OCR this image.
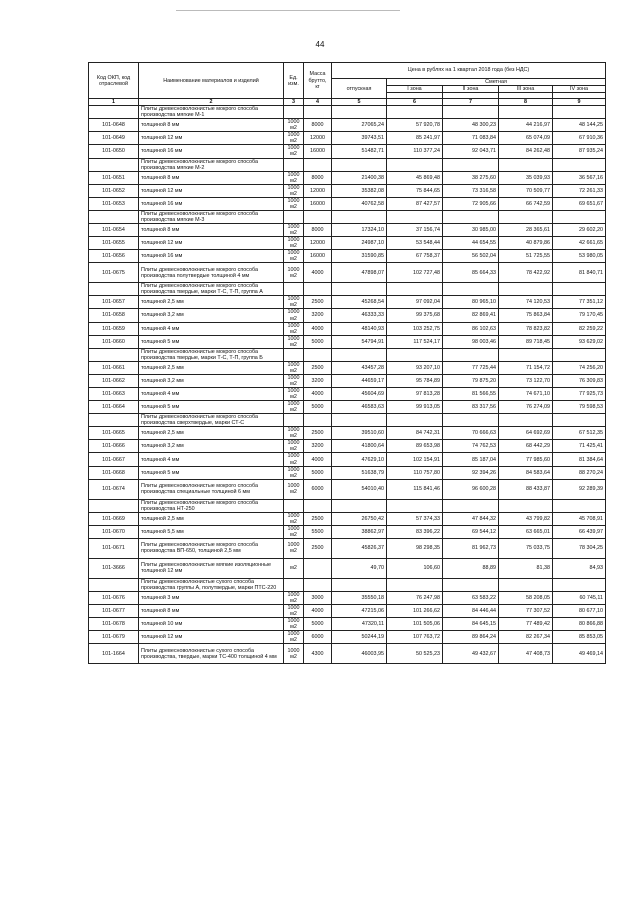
44
Код ОКП, код отраслевой	Наименование материалов и изделий	Ед. изм.	Масса брутто, кг	Цена в рублях на 1 квартал 2018 года (без НДС)				
				отпускная	Сметная			
					I зона	II зона	III зона	IV зона

1	2	3	4	5	6	7	8	9
	Плиты древесноволокнистые мокрого способа производства мягкие М-1							
101-0648	толщиной 8 мм	1000 м2	8000	27065,24	57 920,78	48 300,23	44 216,97	48 144,25
101-0649	толщиной 12 мм	1000 м2	12000	39743,51	85 241,97	71 083,84	65 074,09	67 910,36
101-0650	толщиной 16 мм	1000 м2	16000	51482,71	110 377,24	92 043,71	84 262,48	87 935,24
	Плиты древесноволокнистые мокрого способа производства мягкие М-2							
101-0651	толщиной 8 мм	1000 м2	8000	21400,38	45 869,48	38 275,60	35 039,93	36 567,16
101-0652	толщиной 12 мм	1000 м2	12000	35382,08	75 844,65	73 316,58	70 509,77	72 261,33
101-0653	толщиной 16 мм	1000 м2	16000	40762,58	87 427,57	72 905,66	66 742,59	69 651,67
	Плиты древесноволокнистые мокрого способа производства мягкие М-3							
101-0654	толщиной 8 мм	1000 м2	8000	17324,10	37 156,74	30 985,00	28 365,61	29 602,20
101-0655	толщиной 12 мм	1000 м2	12000	24987,10	53 548,44	44 654,55	40 879,86	42 661,65
101-0656	толщиной 16 мм	1000 м2	16000	31590,85	67 758,37	56 502,04	51 725,55	53 980,05
101-0675	Плиты древесноволокнистые мокрого способа производства полутвердые толщиной 4 мм	1000 м2	4000	47898,07	102 727,48	85 664,33	78 422,92	81 840,71
	Плиты древесноволокнистые мокрого способа производства твердые, марки Т-С, Т-П, группа А							
101-0657	толщиной 2,5 мм	1000 м2	2500	45268,54	97 092,04	80 965,10	74 120,53	77 351,12
101-0658	толщиной 3,2 мм	1000 м2	3200	46333,33	99 375,68	82 869,41	75 863,84	79 170,45
101-0659	толщиной 4 мм	1000 м2	4000	48140,93	103 252,75	86 102,63	78 823,82	82 259,22
101-0660	толщиной 5 мм	1000 м2	5000	54794,91	117 524,17	98 003,46	89 718,45	93 629,02
	Плиты древесноволокнистые мокрого способа производства твердые, марки Т-С, Т-П, группа Б							
101-0661	толщиной 2,5 мм	1000 м2	2500	43457,28	93 207,10	77 725,44	71 154,72	74 256,20
101-0662	толщиной 3,2 мм	1000 м2	3200	44659,17	95 784,89	79 875,20	73 122,70	76 309,83
101-0663	толщиной 4 мм	1000 м2	4000	45604,69	97 813,28	81 566,55	74 671,10	77 925,73
101-0664	толщиной 5 мм	1000 м2	5000	46583,63	99 913,05	83 317,56	76 274,09	79 598,53
	Плиты древесноволокнистые мокрого способа производства сверхтвердые, марки СТ-С							
101-0665	толщиной 2,5 мм	1000 м2	2500	39510,60	84 742,31	70 666,63	64 692,69	67 512,35
101-0666	толщиной 3,2 мм	1000 м2	3200	41800,64	89 653,98	74 762,53	68 442,29	71 425,41
101-0667	толщиной 4 мм	1000 м2	4000	47629,10	102 154,91	85 187,04	77 985,60	81 384,64
101-0668	толщиной 5 мм	1000 м2	5000	51638,79	110 757,80	92 394,26	84 583,64	88 270,24
101-0674	Плиты древесноволокнистые мокрого способа производства специальные толщиной 6 мм	1000 м2	6000	54010,40	115 841,46	96 600,28	88 433,87	92 289,39
	Плиты древесноволокнистые мокрого способа производства НТ-250							
101-0669	толщиной 2,5 мм	1000 м2	2500	26750,42	57 374,33	47 844,32	43 799,82	45 708,91
101-0670	толщиной 5,5 мм	1000 м2	5500	38862,97	83 396,22	69 544,12	63 665,01	66 439,97
101-0671	Плиты древесноволокнистые мокрого способа производства ВП-650, толщиной 2,5 мм	1000 м2	2500	45826,37	98 298,35	81 962,73	75 033,75	78 304,25
101-3666	Плиты древесноволокнистые мягкие изоляционные толщиной 12 мм	м2		49,70	106,60	88,89	81,38	84,93
	Плиты древесноволокнистые сухого способа производства группы А, полутвердые, марки ПТС-220							
101-0676	толщиной 3 мм	1000 м2	3000	35550,18	76 247,98	63 583,22	58 208,05	60 745,11
101-0677	толщиной 8 мм	1000 м2	4000	47215,06	101 266,62	84 446,44	77 307,52	80 677,10
101-0678	толщиной 10 мм	1000 м2	5000	47320,11	101 505,06	84 645,15	77 489,42	80 866,88
101-0679	толщиной 12 мм	1000 м2	6000	50244,19	107 763,72	89 864,24	82 267,34	85 853,05
101-1664	Плиты древесноволокнистые сухого способа производства, твердые, марки ТС-400 толщиной 4 мм	1000 м2	4300	46003,95	50 525,23	49 432,67	47 408,73	49 469,14
